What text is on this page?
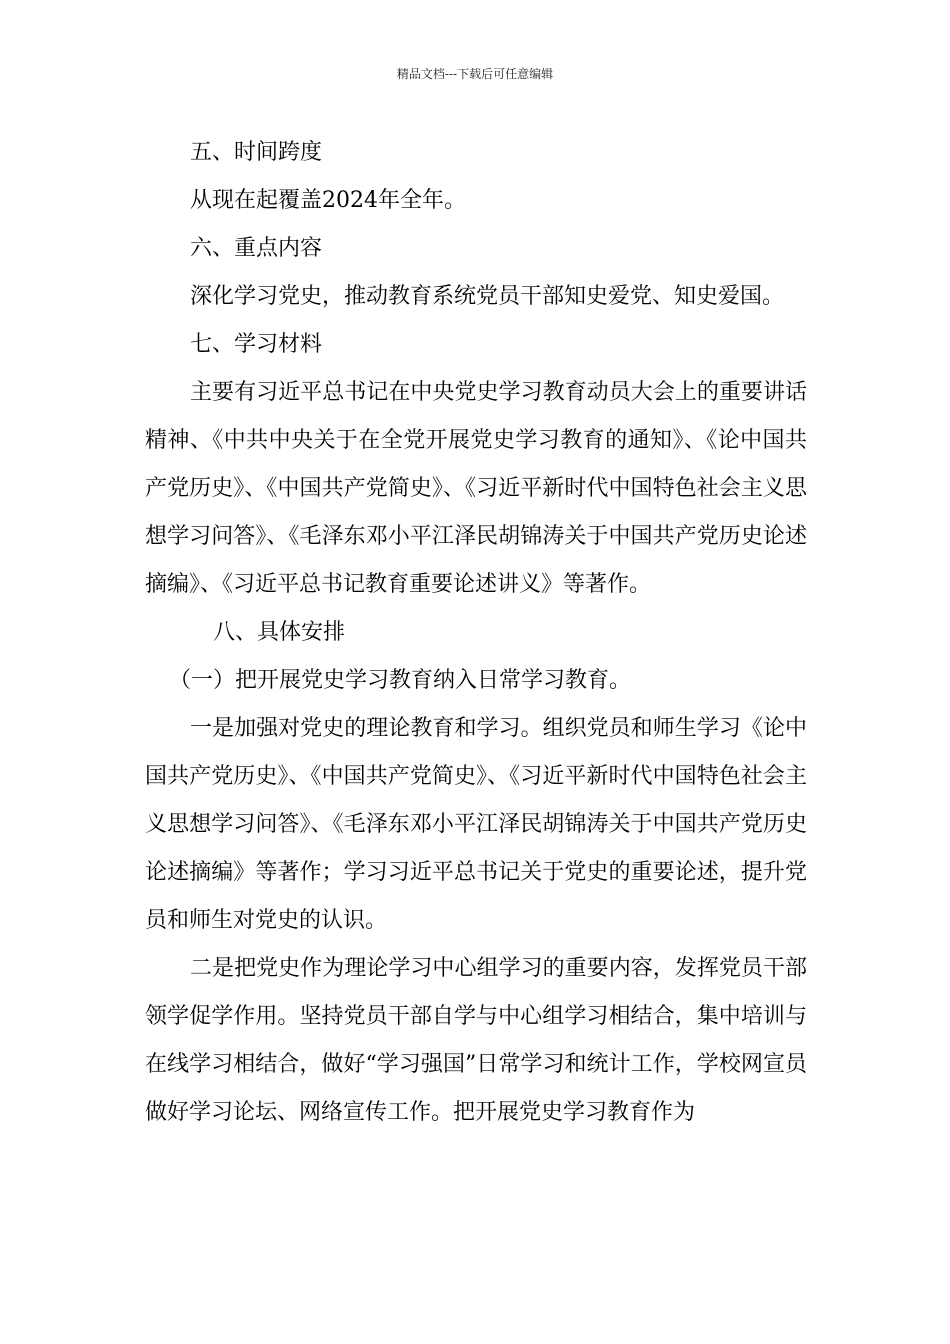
精品文档---下载后可任意编辑

五、时间跨度

从现在起覆盖2024年全年。

六、重点内容

深化学习党史，推动教育系统党员干部知史爱党、知史爱国。

七、学习材料

主要有习近平总书记在中央党史学习教育动员大会上的重要讲话精神、《中共中央关于在全党开展党史学习教育的通知》、《论中国共产党历史》、《中国共产党简史》、《习近平新时代中国特色社会主义思想学习问答》、《毛泽东邓小平江泽民胡锦涛关于中国共产党历史论述摘编》、《习近平总书记教育重要论述讲义》等著作。

八、具体安排

（一）把开展党史学习教育纳入日常学习教育。

一是加强对党史的理论教育和学习。组织党员和师生学习《论中国共产党历史》、《中国共产党简史》、《习近平新时代中国特色社会主义思想学习问答》、《毛泽东邓小平江泽民胡锦涛关于中国共产党历史论述摘编》等著作；学习习近平总书记关于党史的重要论述，提升党员和师生对党史的认识。

二是把党史作为理论学习中心组学习的重要内容，发挥党员干部领学促学作用。坚持党员干部自学与中心组学习相结合，集中培训与在线学习相结合，做好“学习强国”日常学习和统计工作，学校网宣员做好学习论坛、网络宣传工作。把开展党史学习教育作为
